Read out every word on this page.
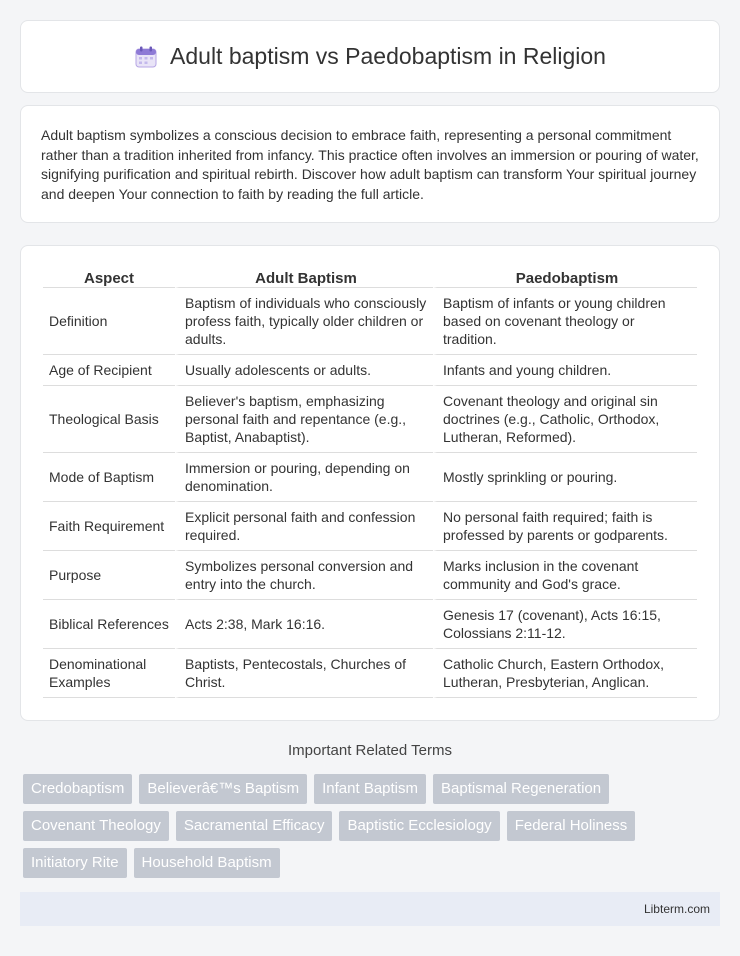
Adult baptism vs Paedobaptism in Religion

Adult baptism symbolizes a conscious decision to embrace faith, representing a personal commitment rather than a tradition inherited from infancy. This practice often involves an immersion or pouring of water, signifying purification and spiritual rebirth. Discover how adult baptism can transform Your spiritual journey and deepen Your connection to faith by reading the full article.

Aspect	Adult Baptism	Paedobaptism
Definition	Baptism of individuals who consciously profess faith, typically older children or adults.	Baptism of infants or young children based on covenant theology or tradition.
Age of Recipient	Usually adolescents or adults.	Infants and young children.
Theological Basis	Believer's baptism, emphasizing personal faith and repentance (e.g., Baptist, Anabaptist).	Covenant theology and original sin doctrines (e.g., Catholic, Orthodox, Lutheran, Reformed).
Mode of Baptism	Immersion or pouring, depending on denomination.	Mostly sprinkling or pouring.
Faith Requirement	Explicit personal faith and confession required.	No personal faith required; faith is professed by parents or godparents.
Purpose	Symbolizes personal conversion and entry into the church.	Marks inclusion in the covenant community and God's grace.
Biblical References	Acts 2:38, Mark 16:16.	Genesis 17 (covenant), Acts 16:15, Colossians 2:11-12.
Denominational Examples	Baptists, Pentecostals, Churches of Christ.	Catholic Church, Eastern Orthodox, Lutheran, Presbyterian, Anglican.
Important Related Terms
Credobaptism	Believerâ€™s Baptism	Infant Baptism	Baptismal Regeneration
Covenant Theology	Sacramental Efficacy	Baptistic Ecclesiology	Federal Holiness
Initiatory Rite	Household Baptism
Libterm.com
